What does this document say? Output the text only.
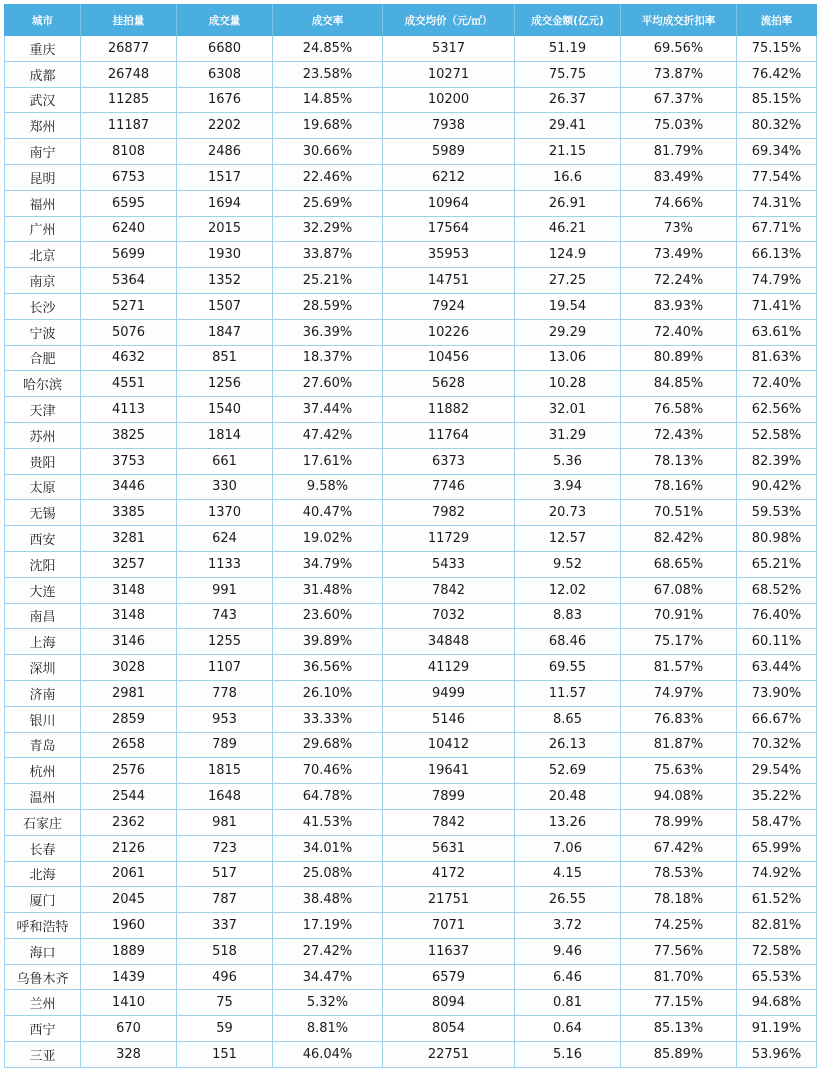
城市	挂拍量	成交量	成交率	成交均价（元/㎡）	成交金额(亿元)	平均成交折扣率	流拍率
重庆	26877	6680	24.85%	5317	51.19	69.56%	75.15%
成都	26748	6308	23.58%	10271	75.75	73.87%	76.42%
武汉	11285	1676	14.85%	10200	26.37	67.37%	85.15%
郑州	11187	2202	19.68%	7938	29.41	75.03%	80.32%
南宁	8108	2486	30.66%	5989	21.15	81.79%	69.34%
昆明	6753	1517	22.46%	6212	16.6	83.49%	77.54%
福州	6595	1694	25.69%	10964	26.91	74.66%	74.31%
广州	6240	2015	32.29%	17564	46.21	73%	67.71%
北京	5699	1930	33.87%	35953	124.9	73.49%	66.13%
南京	5364	1352	25.21%	14751	27.25	72.24%	74.79%
长沙	5271	1507	28.59%	7924	19.54	83.93%	71.41%
宁波	5076	1847	36.39%	10226	29.29	72.40%	63.61%
合肥	4632	851	18.37%	10456	13.06	80.89%	81.63%
哈尔滨	4551	1256	27.60%	5628	10.28	84.85%	72.40%
天津	4113	1540	37.44%	11882	32.01	76.58%	62.56%
苏州	3825	1814	47.42%	11764	31.29	72.43%	52.58%
贵阳	3753	661	17.61%	6373	5.36	78.13%	82.39%
太原	3446	330	9.58%	7746	3.94	78.16%	90.42%
无锡	3385	1370	40.47%	7982	20.73	70.51%	59.53%
西安	3281	624	19.02%	11729	12.57	82.42%	80.98%
沈阳	3257	1133	34.79%	5433	9.52	68.65%	65.21%
大连	3148	991	31.48%	7842	12.02	67.08%	68.52%
南昌	3148	743	23.60%	7032	8.83	70.91%	76.40%
上海	3146	1255	39.89%	34848	68.46	75.17%	60.11%
深圳	3028	1107	36.56%	41129	69.55	81.57%	63.44%
济南	2981	778	26.10%	9499	11.57	74.97%	73.90%
银川	2859	953	33.33%	5146	8.65	76.83%	66.67%
青岛	2658	789	29.68%	10412	26.13	81.87%	70.32%
杭州	2576	1815	70.46%	19641	52.69	75.63%	29.54%
温州	2544	1648	64.78%	7899	20.48	94.08%	35.22%
石家庄	2362	981	41.53%	7842	13.26	78.99%	58.47%
长春	2126	723	34.01%	5631	7.06	67.42%	65.99%
北海	2061	517	25.08%	4172	4.15	78.53%	74.92%
厦门	2045	787	38.48%	21751	26.55	78.18%	61.52%
呼和浩特	1960	337	17.19%	7071	3.72	74.25%	82.81%
海口	1889	518	27.42%	11637	9.46	77.56%	72.58%
乌鲁木齐	1439	496	34.47%	6579	6.46	81.70%	65.53%
兰州	1410	75	5.32%	8094	0.81	77.15%	94.68%
西宁	670	59	8.81%	8054	0.64	85.13%	91.19%
三亚	328	151	46.04%	22751	5.16	85.89%	53.96%
